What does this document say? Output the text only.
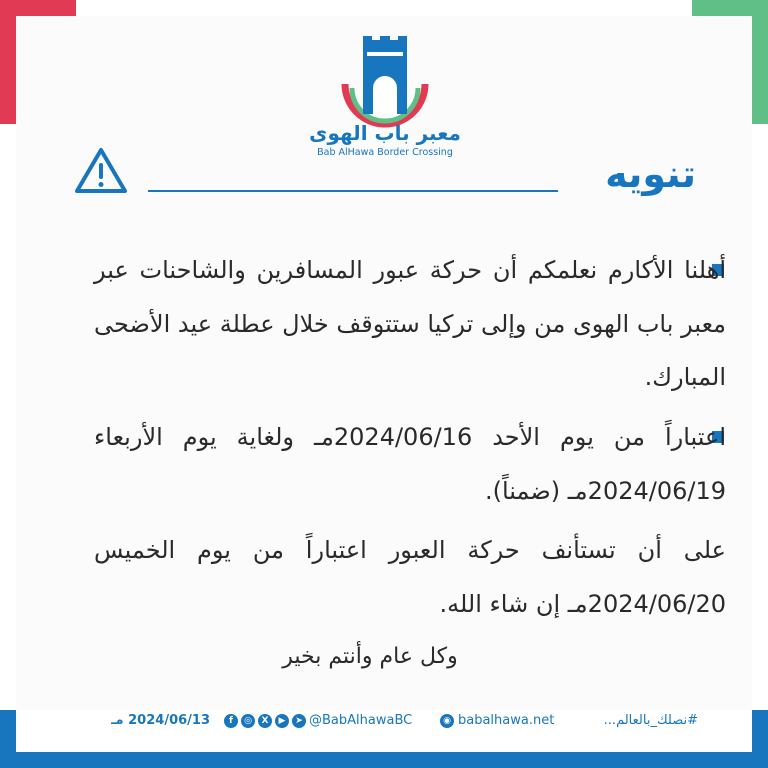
معبر باب الهوى
Bab AlHawa Border Crossing	تنويه
أهلنا الأكارم نعلمكم أن حركة عبور المسافرين والشاحنات عبر معبر باب الهوى من وإلى تركيا ستتوقف خلال عطلة عيد الأضحى المبارك.
اعتباراً من يوم الأحد 2024/06/16مـ ولغاية يوم الأربعاء 2024/06/19مـ (ضمناً).
على أن تستأنف حركة العبور اعتباراً من يوم الخميس 2024/06/20مـ إن شاء الله.
وكل عام وأنتم بخير
2024/06/13 مـ	f	◎	X	▶	➤ @BabAlhawaBC	◉ babalhawa.net	#نصلك_بالعالم...
